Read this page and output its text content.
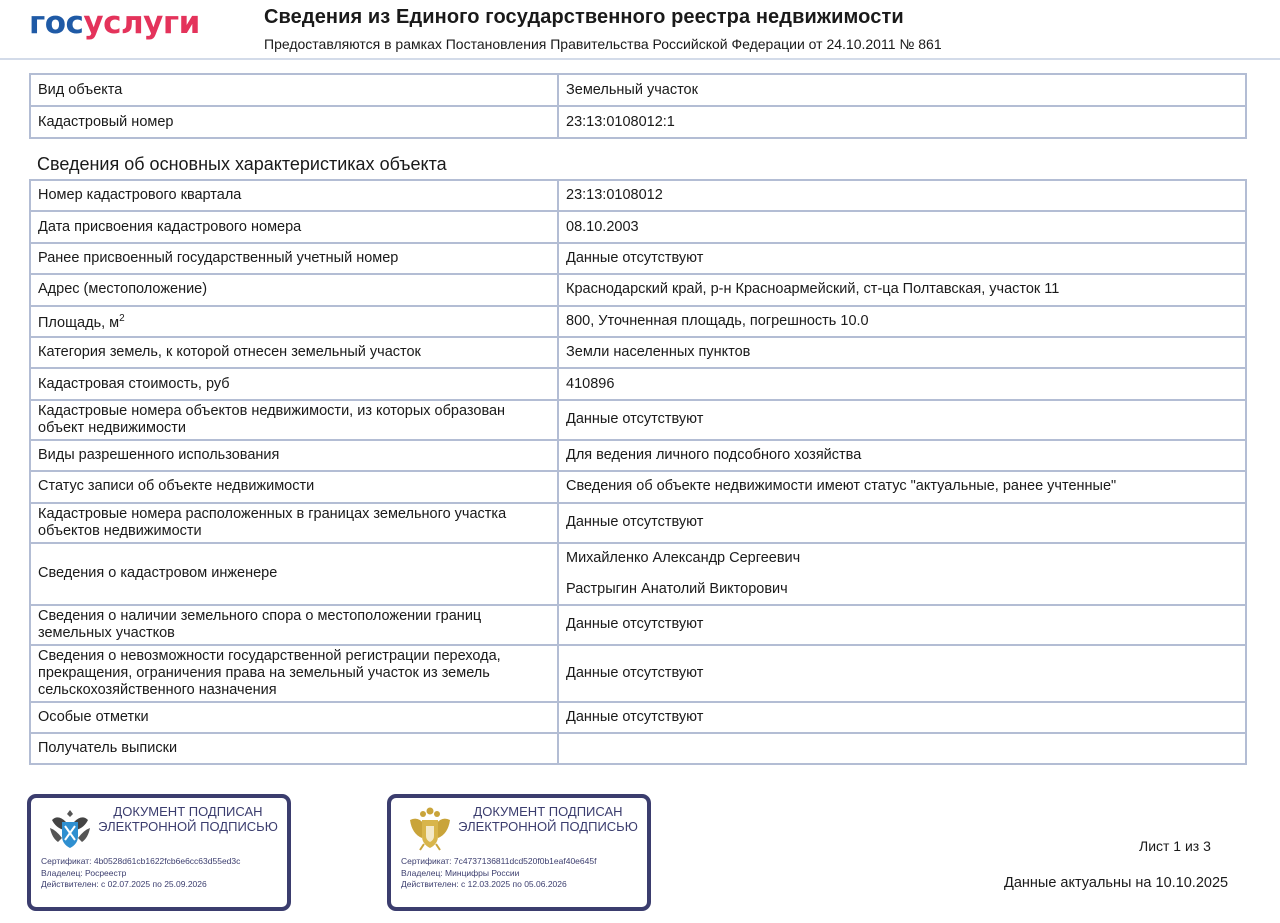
госуслуги	Сведения из Единого государственного реестра недвижимости
Предоставляются в рамках Постановления Правительства Российской Федерации от 24.10.2011 № 861
Вид объекта	Земельный участок
Кадастровый номер	23:13:0108012:1
Сведения об основных характеристиках объекта
Номер кадастрового квартала	23:13:0108012
Дата присвоения кадастрового номера	08.10.2003
Ранее присвоенный государственный учетный номер	Данные отсутствуют
Адрес (местоположение)	Краснодарский край, р-н Красноармейский, ст-ца Полтавская, участок 11
Площадь, $м^2$	800, Уточненная площадь, погрешность 10.0
Категория земель, к которой отнесен земельный участок	Земли населенных пунктов
Кадастровая стоимость, руб	410896
Кадастровые номера объектов недвижимости, из которых образован объект недвижимости	Данные отсутствуют
Виды разрешенного использования	Для ведения личного подсобного хозяйства
Статус записи об объекте недвижимости	Сведения об объекте недвижимости имеют статус "актуальные, ранее учтенные"
Кадастровые номера расположенных в границах земельного участка объектов недвижимости	Данные отсутствуют
Сведения о кадастровом инженере	Михайленко Александр Сергеевич
Растрыгин Анатолий Викторович

Сведения о наличии земельного спора о местоположении границ земельных участков	Данные отсутствуют
Сведения о невозможности государственной регистрации перехода, прекращения, ограничения права на земельный участок из земель сельскохозяйственного назначения	Данные отсутствуют
Особые отметки	Данные отсутствуют
Получатель выписки	
ДОКУМЕНТ ПОДПИСАН ЭЛЕКТРОННОЙ ПОДПИСЬЮ
Сертификат: 4b0528d61cb1622fcb6e6cc63d55ed3c
Владелец: Росреестр
Действителен: с 02.07.2025 по 25.09.2026
ДОКУМЕНТ ПОДПИСАН ЭЛЕКТРОННОЙ ПОДПИСЬЮ
Сертификат: 7c4737136811dcd520f0b1eaf40e645f
Владелец: Минцифры России
Действителен: с 12.03.2025 по 05.06.2026
Лист 1 из 3
Данные актуальны на 10.10.2025
